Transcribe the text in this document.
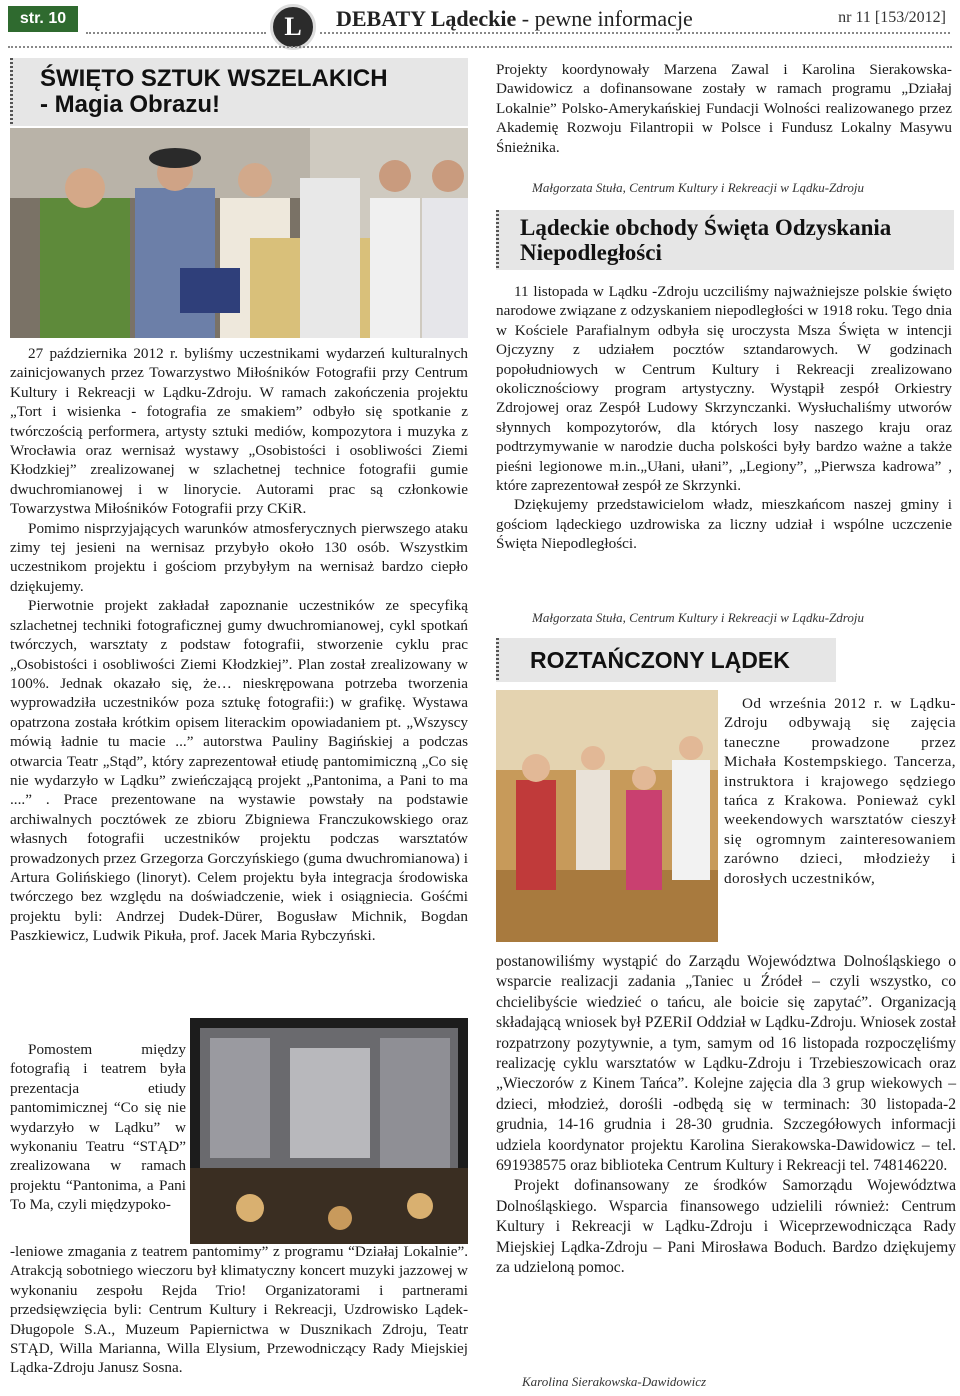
str. 10	L	DEBATY Lądeckie - pewne informacje	nr 11 [153/2012]
ŚWIĘTO SZTUK WSZELAKICH
- Magia Obrazu!

27 października 2012 r. byliśmy uczestnikami wydarzeń kulturalnych zainicjowanych przez Towarzystwo Miłośników Fotografii przy Centrum Kultury i Rekreacji w Lądku-Zdroju. W ramach zakończenia projektu „Tort i wisienka - fotografia ze smakiem” odbyło się spotkanie z twórczością performera, artysty sztuki mediów, kompozytora i muzyka z Wrocławia oraz wernisaż wystawy „Osobistości i osobliwości Ziemi Kłodzkiej” zrealizowanej w szlachetnej technice fotografii gumie dwuchromianowej i w linorycie. Autorami prac są członkowie Towarzystwa Miłośników Fotografii przy CKiR.

Pomimo nisprzyjających warunków atmosferycznych pierwszego ataku zimy tej jesieni na wernisaz przybyło około 130 osób. Wszystkim uczestnikom projektu i gościom przybyłym na wernisaż bardzo ciepło dziękujemy.

Pierwotnie projekt zakładał zapoznanie uczestników ze specyfiką szlachetnej techniki fotograficznej gumy dwuchromianowej, cykl spotkań twórczych, warsztaty z podstaw fotografii, stworzenie cyklu prac „Osobistości i osobliwości Ziemi Kłodzkiej”. Plan został zrealizowany w 100%. Jednak okazało się, że… nieskrępowana potrzeba tworzenia wyprowadziła uczestników poza sztukę fotografii:) w grafikę. Wystawa opatrzona została krótkim opisem literackim opowiadaniem pt. „Wszyscy mówią ładnie tu macie ...” autorstwa Pauliny Bagińskiej a podczas otwarcia Teatr „Stąd”, który zaprezentował etiudę pantomimiczną „Co się nie wydarzyło w Lądku” zwieńczającą projekt „Pantonima, a Pani to ma ....” . Prace prezentowane na wystawie powstały na podstawie archiwalnych pocztówek ze zbioru Zbigniewa Franczukowskiego oraz własnych fotografii uczestników projektu podczas warsztatów prowadzonych przez Grzegorza Gorczyńskiego (guma dwuchromianowa) i Artura Golińskiego (linoryt). Celem projektu była integracja środowiska twórczego bez względu na doświadczenie, wiek i osiągniecia. Gośćmi projektu byli: Andrzej Dudek-Dürer, Bogusław Michnik, Bogdan Paszkiewicz, Ludwik Pikuła, prof. Jacek Maria Rybczyński.

Pomostem między fotografią i teatrem była prezentacja etiudy pantomimicznej “Co się nie wydarzyło w Lądku” w wykonaniu Teatru “STĄD” zrealizowana w ramach projektu “Pantonima, a Pani To Ma, czyli międzypoko-

-leniowe zmagania z teatrem pantomimy” z programu “Działaj Lokalnie”. Atrakcją sobotniego wieczoru był klimatyczny koncert muzyki jazzowej w wykonaniu zespołu Rejda Trio! Organizatorami i partnerami przedsięwzięcia byli: Centrum Kultury i Rekreacji, Uzdrowisko Lądek-Długopole S.A., Muzeum Papiernictwa w Dusznikach Zdroju, Teatr STĄD, Willa Marianna, Willa Elysium, Przewodniczący Rady Miejskiej Lądka-Zdroju Janusz Sosna.

Projekty koordynowały Marzena Zawal i Karolina Sierakowska-Dawidowicz a dofinansowane zostały w ramach programu „Działaj Lokalnie” Polsko-Amerykańskiej Fundacji Wolności realizowanego przez Akademię Rozwoju Filantropii w Polsce i Fundusz Lokalny Masywu Śnieżnika.

Małgorzata Stuła, Centrum Kultury i Rekreacji w Lądku-Zdroju
Lądeckie obchody Święta Odzyskania
Niepodległości

11 listopada w Lądku -Zdroju uczciliśmy najważniejsze polskie święto narodowe związane z odzyskaniem niepodległości w 1918 roku. Tego dnia w Kościele Parafialnym odbyła się uroczysta Msza Święta w intencji Ojczyzny z udziałem pocztów sztandarowych. W godzinach popołudniowych w Centrum Kultury i Rekreacji zrealizowano okolicznościowy program artystyczny. Wystąpił zespół Orkiestry Zdrojowej oraz Zespół Ludowy Skrzynczanki. Wysłuchaliśmy utworów słynnych kompozytorów, dla których losy naszego kraju oraz podtrzymywanie w narodzie ducha polskości były bardzo ważne a także pieśni legionowe m.in.„Ułani, ułani”, „Legiony”, „Pierwsza kadrowa” , które zaprezentował zespół ze Skrzynki.

Dziękujemy przedstawicielom władz, mieszkańcom naszej gminy i gościom lądeckiego uzdrowiska za liczny udział i wspólne uczczenie Święta Niepodległości.

Małgorzata Stuła, Centrum Kultury i Rekreacji w Lądku-Zdroju
ROZTAŃCZONY LĄDEK

Od września 2012 r. w Lądku-Zdroju odbywają się zajęcia taneczne prowadzone przez Michała Kostempskiego. Tancerza, instruktora i krajowego sędziego tańca z Krakowa. Ponieważ cykl weekendowych warsztatów cieszył się ogromnym zainteresowaniem zarówno dzieci, młodzieży i dorosłych uczestników,

postanowiliśmy wystąpić do Zarządu Województwa Dolnośląskiego o wsparcie realizacji zadania „Taniec u Źródeł – czyli wszystko, co chcielibyście wiedzieć o tańcu, ale boicie się zapytać”. Organizacją składającą wniosek był PZERiI Oddział w Lądku-Zdroju. Wniosek został rozpatrzony pozytywnie, a tym, samym od 16 listopada rozpoczęliśmy realizację cyklu warsztatów w Lądku-Zdroju i Trzebieszowicach oraz „Wieczorów z Kinem Tańca”. Kolejne zajęcia dla 3 grup wiekowych – dzieci, młodzież, dorośli -odbędą się w terminach: 30 listopada-2 grudnia, 14-16 grudnia i 28-30 grudnia. Szczegółowych informacji udziela koordynator projektu Karolina Sierakowska-Dawidowicz – tel. 691938575 oraz biblioteka Centrum Kultury i Rekreacji tel. 748146220.

Projekt dofinansowany ze środków Samorządu Województwa Dolnośląskiego. Wsparcia finansowego udzielili również: Centrum Kultury i Rekreacji w Lądku-Zdroju i Wiceprzewodnicząca Rady Miejskiej Lądka-Zdroju – Pani Mirosława Boduch. Bardzo dziękujemy za udzieloną pomoc.

Karolina Sierakowska-Dawidowicz
